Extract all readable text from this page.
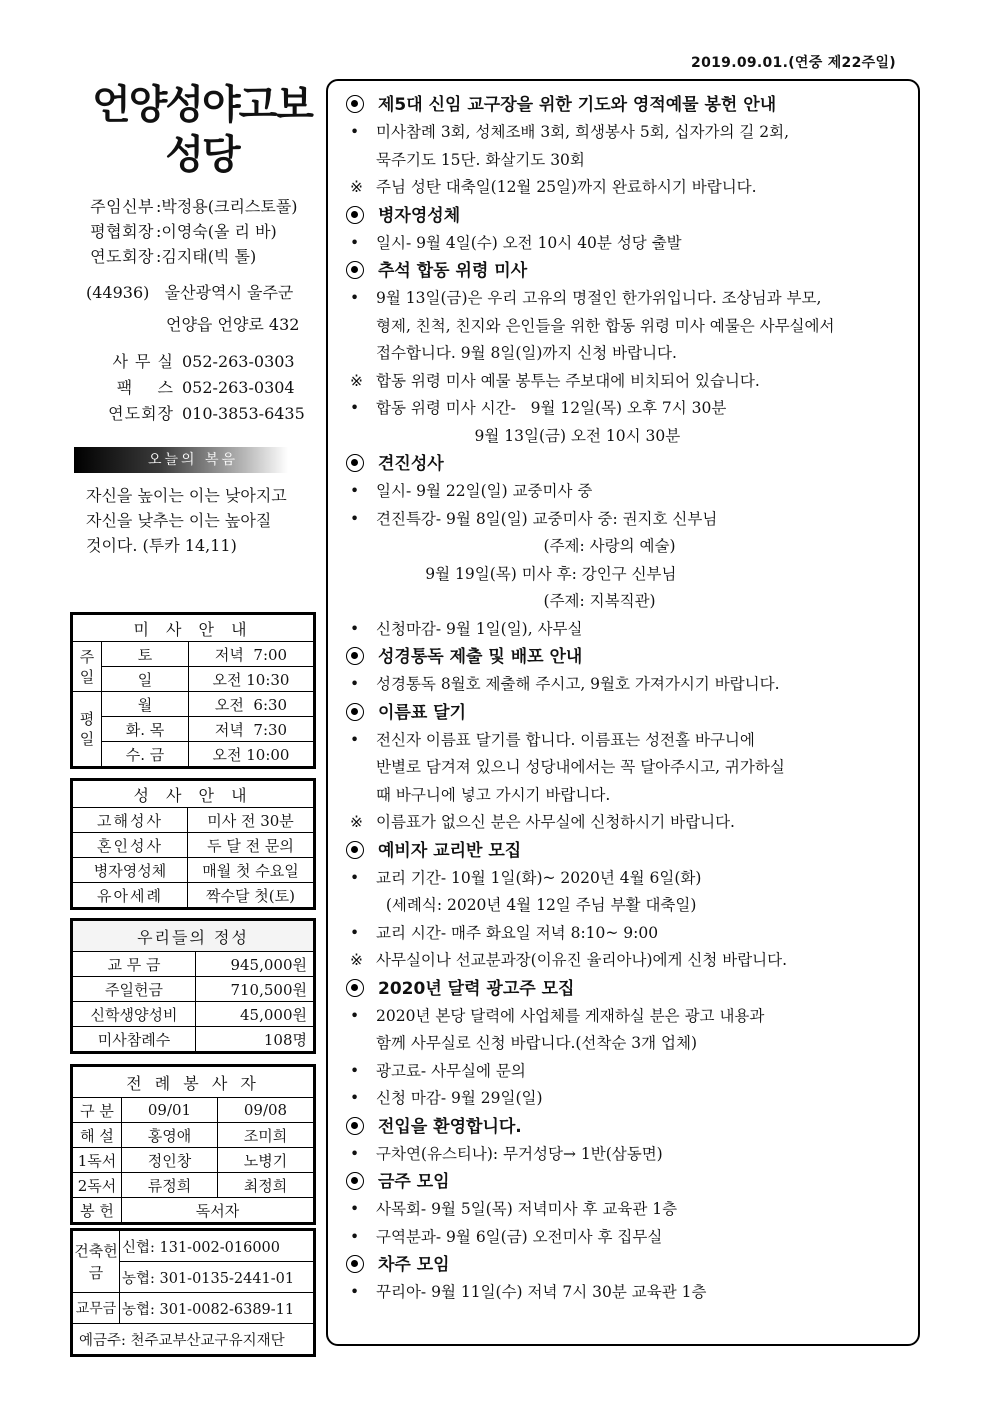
2019.09.01.(연중 제22주일)
언양성야고보
성당
주임신부 : 박정용(크리스토풀)
평협회장 : 이영숙(올 리 바)
연도회장 : 김지태(빅 톨)
(44936)   울산광역시 울주군
언양읍 언양로 432
사 무 실 052-263-0303
팩    스 052-263-0304
연도회장 010-3853-6435
오늘의 복음
자신을 높이는 이는 낮아지고
자신을 낮추는 이는 높아질
것이다. (투카 14,11)
미 사 안 내		
주일	토	저녁  7:00
	일	오전 10:30
평일	월	오전  6:30
	화. 목	저녁  7:30
	수. 금	오전 10:00
성 사 안 내	
고해성사	미사 전 30분
혼인성사	두 달 전 문의
병자영성체	매월 첫 수요일
유아세례	짝수달 첫(토)
우리들의 정성	
교 무 금	945,000원
주일헌금	710,500원
신학생양성비	45,000원
미사참례수	108명
전 례 봉 사 자		
구 분	09/01	09/08
해 설	홍영애	조미희
1독서	정인창	노병기
2독서	류정희	최정희
봉 헌	독서자	
건축헌금	신협: 131-002-016000
	농협: 301-0135-2441-01
교무금	농협: 301-0082-6389-11
예금주: 천주교부산교구유지재단	
제5대 신임 교구장을 위한 기도와 영적예물 봉헌 안내
•	미사참례 3회, 성체조배 3회, 희생봉사 5회, 십자가의 길 2회,
묵주기도 15단. 화살기도 30회
※ 주님 성탄 대축일(12월 25일)까지 완료하시기 바랍니다.
병자영성체
•	일시- 9월 4일(수) 오전 10시 40분 성당 출발
추석 합동 위령 미사
•	9월 13일(금)은 우리 고유의 명절인 한가위입니다. 조상님과 부모,
형제, 친척, 친지와 은인들을 위한 합동 위령 미사 예물은 사무실에서
접수합니다. 9월 8일(일)까지 신청 바랍니다.
※ 합동 위령 미사 예물 봉투는 주보대에 비치되어 있습니다.
•	합동 위령 미사 시간-   9월 12일(목) 오후 7시 30분
9월 13일(금) 오전 10시 30분
견진성사
•	일시- 9월 22일(일) 교중미사 중
•	견진특강- 9월 8일(일) 교중미사 중: 권지호 신부님
(주제: 사랑의 예술)
9월 19일(목) 미사 후: 강인구 신부님
(주제: 지복직관)
•	신청마감- 9월 1일(일), 사무실
성경통독 제출 및 배포 안내
•	성경통독 8월호 제출해 주시고, 9월호 가져가시기 바랍니다.
이름표 달기
•	전신자 이름표 달기를 합니다. 이름표는 성전홀 바구니에
반별로 담겨져 있으니 성당내에서는 꼭 달아주시고, 귀가하실
때 바구니에 넣고 가시기 바랍니다.
※ 이름표가 없으신 분은 사무실에 신청하시기 바랍니다.
예비자 교리반 모집
•	교리 기간- 10월 1일(화)~ 2020년 4월 6일(화)
(세례식: 2020년 4월 12일 주님 부활 대축일)
•	교리 시간- 매주 화요일 저녁 8:10~ 9:00
※ 사무실이나 선교분과장(이유진 율리아나)에게 신청 바랍니다.
2020년 달력 광고주 모집
•	2020년 본당 달력에 사업체를 게재하실 분은 광고 내용과
함께 사무실로 신청 바랍니다.(선착순 3개 업체)
•	광고료- 사무실에 문의
•	신청 마감- 9월 29일(일)
전입을 환영합니다.
•	구차연(유스티나): 무거성당→ 1반(삼동면)
금주 모임
•	사목회- 9월 5일(목) 저녁미사 후 교육관 1층
•	구역분과- 9월 6일(금) 오전미사 후 집무실
차주 모임
•	꾸리아- 9월 11일(수) 저녁 7시 30분 교육관 1층
